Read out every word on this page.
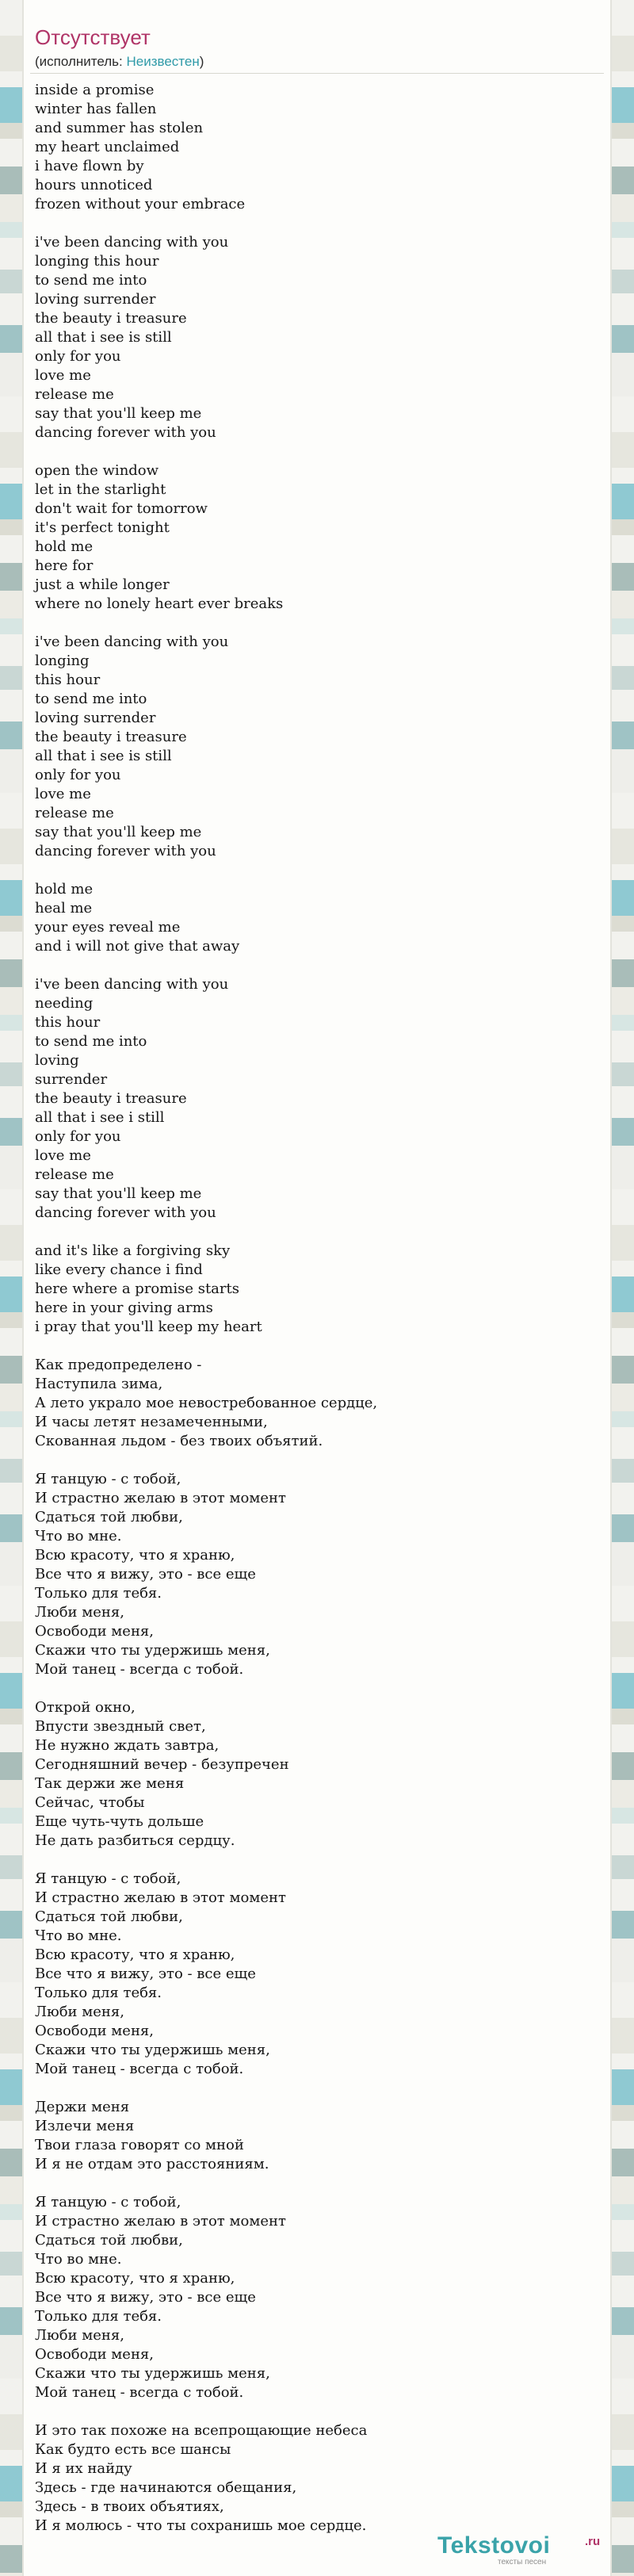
Отсутствует

(исполнитель: Неизвестен)

inside a promise
winter has fallen
and summer has stolen
my heart unclaimed
i have flown by
hours unnoticed
frozen without your embrace

i've been dancing with you
longing this hour
to send me into
loving surrender
the beauty i treasure
all that i see is still
only for you
love me
release me
say that you'll keep me
dancing forever with you

open the window
let in the starlight
don't wait for tomorrow
it's perfect tonight
hold me
here for
just a while longer
where no lonely heart ever breaks

i've been dancing with you
longing
this hour
to send me into
loving surrender
the beauty i treasure
all that i see is still
only for you
love me
release me
say that you'll keep me
dancing forever with you

hold me
heal me
your eyes reveal me
and i will not give that away

i've been dancing with you
needing
this hour
to send me into
loving
surrender
the beauty i treasure
all that i see i still
only for you
love me
release me
say that you'll keep me
dancing forever with you

and it's like a forgiving sky
like every chance i find
here where a promise starts
here in your giving arms
i pray that you'll keep my heart

Как предопределено -
Наступила зима,
А лето украло мое невостребованное сердце,
И часы летят незамеченными,
Скованная льдом - без твоих объятий.

Я танцую - с тобой,
И страстно желаю в этот момент
Сдаться той любви,
Что во мне.
Всю красоту, что я храню,
Все что я вижу, это - все еще
Только для тебя.
Люби меня,
Освободи меня,
Скажи что ты удержишь меня,
Мой танец - всегда с тобой.

Открой окно,
Впусти звездный свет,
Не нужно ждать завтра,
Сегодняшний вечер - безупречен
Так держи же меня
Сейчас, чтобы
Еще чуть-чуть дольше
Не дать разбиться сердцу.

Я танцую - с тобой,
И страстно желаю в этот момент
Сдаться той любви,
Что во мне.
Всю красоту, что я храню,
Все что я вижу, это - все еще
Только для тебя.
Люби меня,
Освободи меня,
Скажи что ты удержишь меня,
Мой танец - всегда с тобой.

Держи меня
Излечи меня
Твои глаза говорят со мной
И я не отдам это расстояниям.

Я танцую - с тобой,
И страстно желаю в этот момент
Сдаться той любви,
Что во мне.
Всю красоту, что я храню,
Все что я вижу, это - все еще
Только для тебя.
Люби меня,
Освободи меня,
Скажи что ты удержишь меня,
Мой танец - всегда с тобой.

И это так похоже на всепрощающие небеса
Как будто есть все шансы
И я их найду
Здесь - где начинаются обещания,
Здесь - в твоих объятиях,
И я молюсь - что ты сохранишь мое сердце.
Tekstovoi	.ru
тексты песен
